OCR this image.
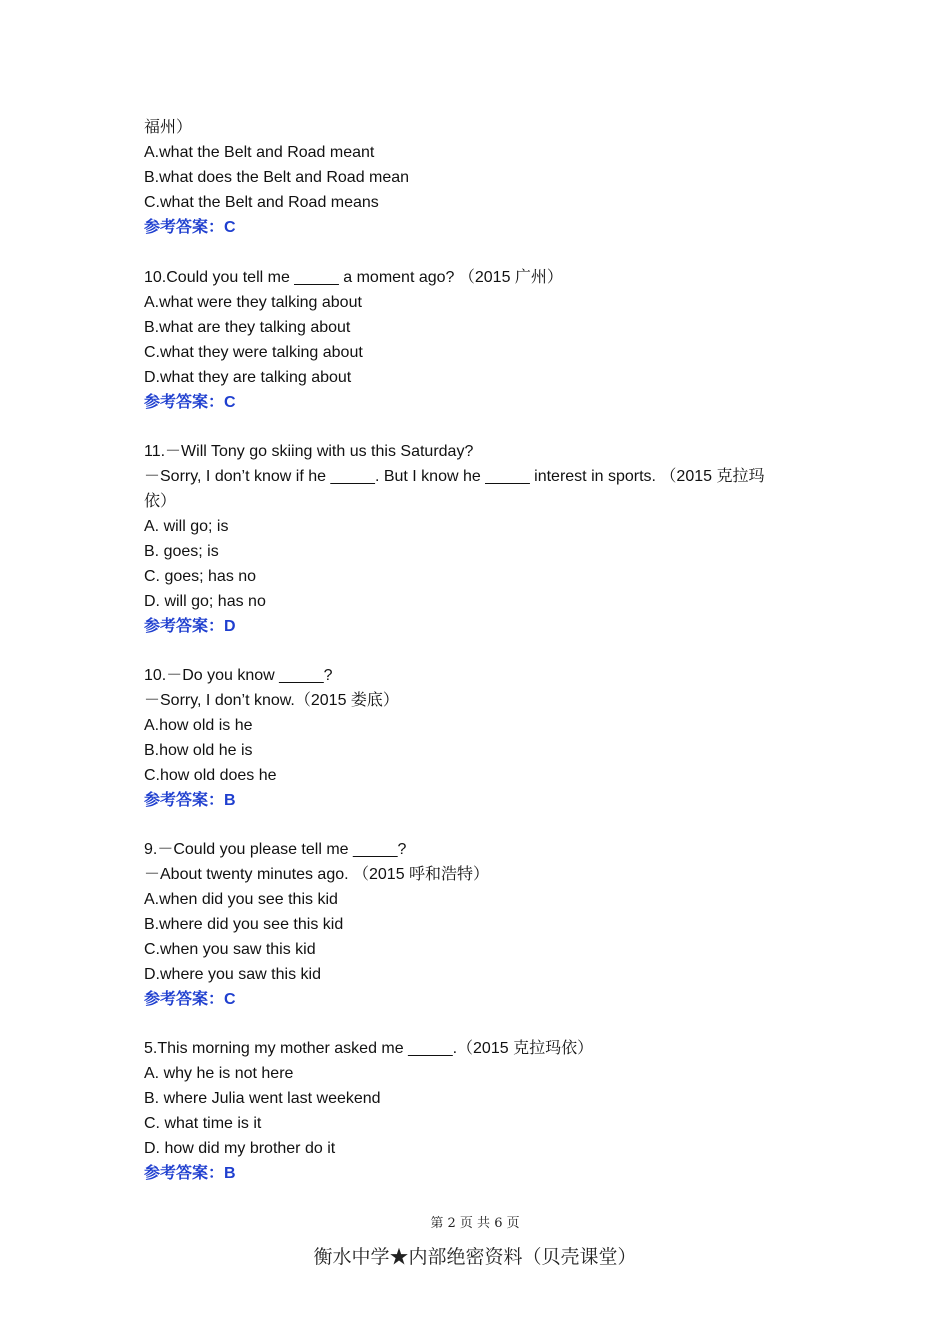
福州）
A.what the Belt and Road meant
B.what does the Belt and Road mean
C.what the Belt and Road means
参考答案：C
10.Could you tell me _____ a moment ago? （2015 广州）
A.what were they talking about
B.what are they talking about
C.what they were talking about
D.what they are talking about
参考答案：C
11.－Will Tony go skiing with us this Saturday?
－Sorry, I don’t know if he _____. But I know he _____ interest in sports. （2015 克拉玛
依）
A. will go; is
B. goes; is
C. goes; has no
D. will go; has no
参考答案：D
10.－Do you know _____?
－Sorry, I don’t know.（2015 娄底）
A.how old is he
B.how old he is
C.how old does he
参考答案：B
9.－Could you please tell me _____?
－About twenty minutes ago. （2015 呼和浩特）
A.when did you see this kid
B.where did you see this kid
C.when you saw this kid
D.where you saw this kid
参考答案：C
5.This morning my mother asked me _____.（2015 克拉玛依）
A. why he is not here
B. where Julia went last weekend
C. what time is it
D. how did my brother do it
参考答案：B
第 2 页 共 6 页
衡水中学★内部绝密资料（贝壳课堂）
